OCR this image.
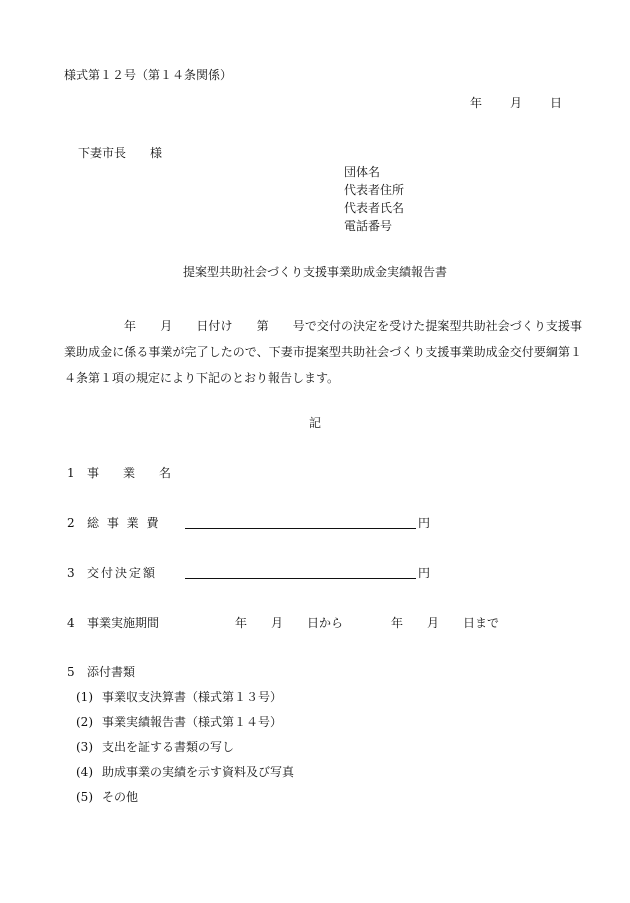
様式第１２号（第１４条関係）
年 月 日
下妻市長　　様
団体名
代表者住所
代表者氏名
電話番号
提案型共助社会づくり支援事業助成金実績報告書
年　　月　　日付け　　第　　号で交付の決定を受けた提案型共助社会づくり支援事業助成金に係る事業が完了したので、下妻市提案型共助社会づくり支援事業助成金交付要綱第１４条第１項の規定により下記のとおり報告します。
記
1 事　　業　　名
2 総 事 業 費	円
3 交付決定額	円
4 事業実施期間	年　　月　　日から　　　　年　　月　　日まで
5 添付書類
(1) 事業収支決算書（様式第１３号）
(2) 事業実績報告書（様式第１４号）
(3) 支出を証する書類の写し
(4) 助成事業の実績を示す資料及び写真
(5) その他
